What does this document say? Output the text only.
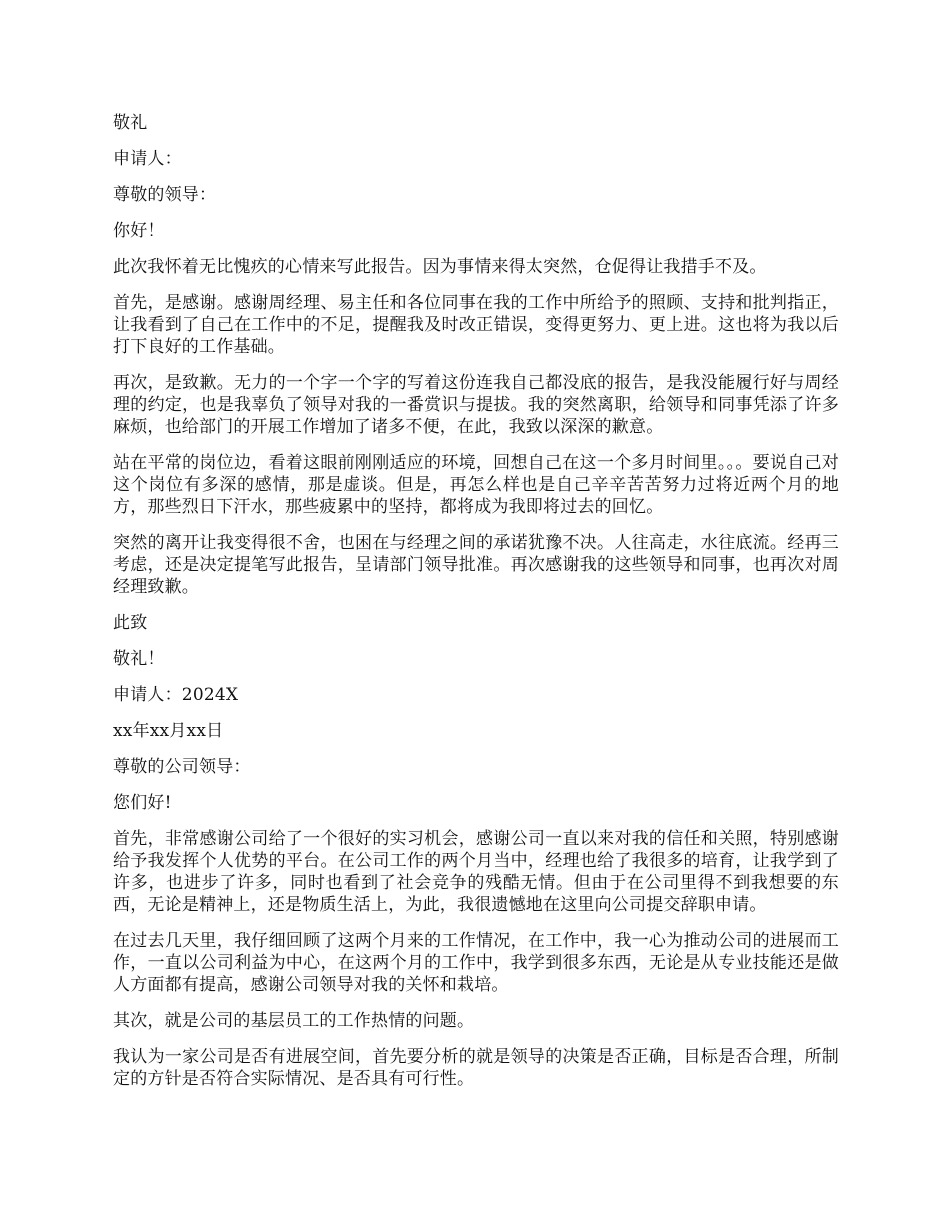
敬礼

申请人：

尊敬的领导：

你好！

此次我怀着无比愧疚的心情来写此报告。因为事情来得太突然，仓促得让我措手不及。

首先，是感谢。感谢周经理、易主任和各位同事在我的工作中所给予的照顾、支持和批判指正，让我看到了自己在工作中的不足，提醒我及时改正错误，变得更努力、更上进。这也将为我以后打下良好的工作基础。

再次，是致歉。无力的一个字一个字的写着这份连我自己都没底的报告，是我没能履行好与周经理的约定，也是我辜负了领导对我的一番赏识与提拔。我的突然离职，给领导和同事凭添了许多麻烦，也给部门的开展工作增加了诸多不便，在此，我致以深深的歉意。

站在平常的岗位边，看着这眼前刚刚适应的环境，回想自己在这一个多月时间里。。。要说自己对这个岗位有多深的感情，那是虚谈。但是，再怎么样也是自己辛辛苦苦努力过将近两个月的地方，那些烈日下汗水，那些疲累中的坚持，都将成为我即将过去的回忆。

突然的离开让我变得很不舍，也困在与经理之间的承诺犹豫不决。人往高走，水往底流。经再三考虑，还是决定提笔写此报告，呈请部门领导批准。再次感谢我的这些领导和同事，也再次对周经理致歉。

此致

敬礼！

申请人：2024X

xx年xx月xx日

尊敬的公司领导：

您们好!

首先，非常感谢公司给了一个很好的实习机会，感谢公司一直以来对我的信任和关照，特别感谢给予我发挥个人优势的平台。在公司工作的两个月当中，经理也给了我很多的培育，让我学到了许多，也进步了许多，同时也看到了社会竞争的残酷无情。但由于在公司里得不到我想要的东西，无论是精神上，还是物质生活上，为此，我很遗憾地在这里向公司提交辞职申请。

在过去几天里，我仔细回顾了这两个月来的工作情况，在工作中，我一心为推动公司的进展而工作，一直以公司利益为中心，在这两个月的工作中，我学到很多东西，无论是从专业技能还是做人方面都有提高，感谢公司领导对我的关怀和栽培。

其次，就是公司的基层员工的工作热情的问题。

我认为一家公司是否有进展空间，首先要分析的就是领导的决策是否正确，目标是否合理，所制定的方针是否符合实际情况、是否具有可行性。
